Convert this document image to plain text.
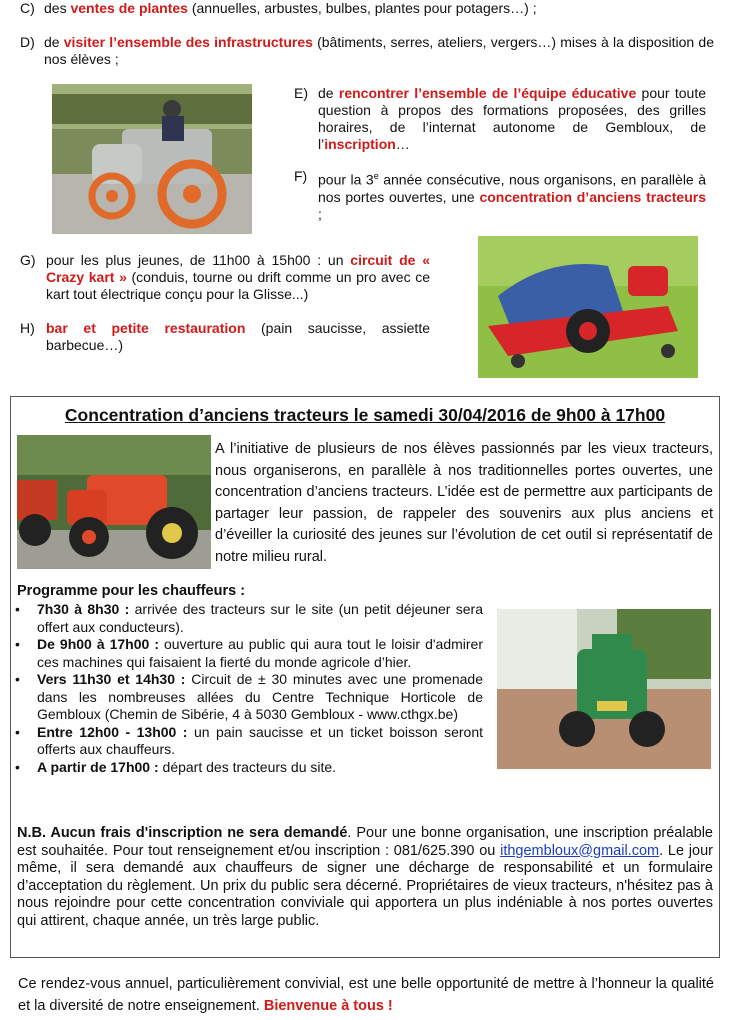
C) des ventes de plantes (annuelles, arbustes, bulbes, plantes pour potagers…) ;
D) de visiter l’ensemble des infrastructures (bâtiments, serres, ateliers, vergers…) mises à la disposition de nos élèves ;
E) de rencontrer l’ensemble de l’équipe éducative pour toute question à propos des formations proposées, des grilles horaires, de l’internat autonome de Gembloux, de l’inscription…
F) pour la 3e année consécutive, nous organisons, en parallèle à nos portes ouvertes, une concentration d’anciens tracteurs ;
G) pour les plus jeunes, de 11h00 à 15h00 : un circuit de « Crazy kart » (conduis, tourne ou drift comme un pro avec ce kart tout électrique conçu pour la Glisse...)
H) bar et petite restauration (pain saucisse, assiette barbecue…)
Concentration d’anciens tracteurs le samedi 30/04/2016 de 9h00 à 17h00
A l’initiative de plusieurs de nos élèves passionnés par les vieux tracteurs, nous organiserons, en parallèle à nos traditionnelles portes ouvertes, une concentration d’anciens tracteurs. L’idée est de permettre aux participants de partager leur passion, de rappeler des souvenirs aux plus anciens et d’éveiller la curiosité des jeunes sur l’évolution de cet outil si représentatif de notre milieu rural.
Programme pour les chauffeurs :
• 7h30 à 8h30 : arrivée des tracteurs sur le site (un petit déjeuner sera offert aux conducteurs).
• De 9h00 à 17h00 : ouverture au public qui aura tout le loisir d'admirer ces machines qui faisaient la fierté du monde agricole d’hier.
• Vers 11h30 et 14h30 : Circuit de ± 30 minutes avec une promenade dans les nombreuses allées du Centre Technique Horticole de Gembloux (Chemin de Sibérie, 4 à 5030 Gembloux - www.cthgx.be)
• Entre 12h00 - 13h00 : un pain saucisse et un ticket boisson seront offerts aux chauffeurs.
• A partir de 17h00 : départ des tracteurs du site.
N.B. Aucun frais d'inscription ne sera demandé. Pour une bonne organisation, une inscription préalable est souhaitée. Pour tout renseignement et/ou inscription : 081/625.390 ou ithgembloux@gmail.com. Le jour même, il sera demandé aux chauffeurs de signer une décharge de responsabilité et un formulaire d’acceptation du règlement. Un prix du public sera décerné. Propriétaires de vieux tracteurs, n'hésitez pas à nous rejoindre pour cette concentration conviviale qui apportera un plus indéniable à nos portes ouvertes qui attirent, chaque année, un très large public.
Ce rendez-vous annuel, particulièrement convivial, est une belle opportunité de mettre à l’honneur la qualité et la diversité de notre enseignement. Bienvenue à tous !
